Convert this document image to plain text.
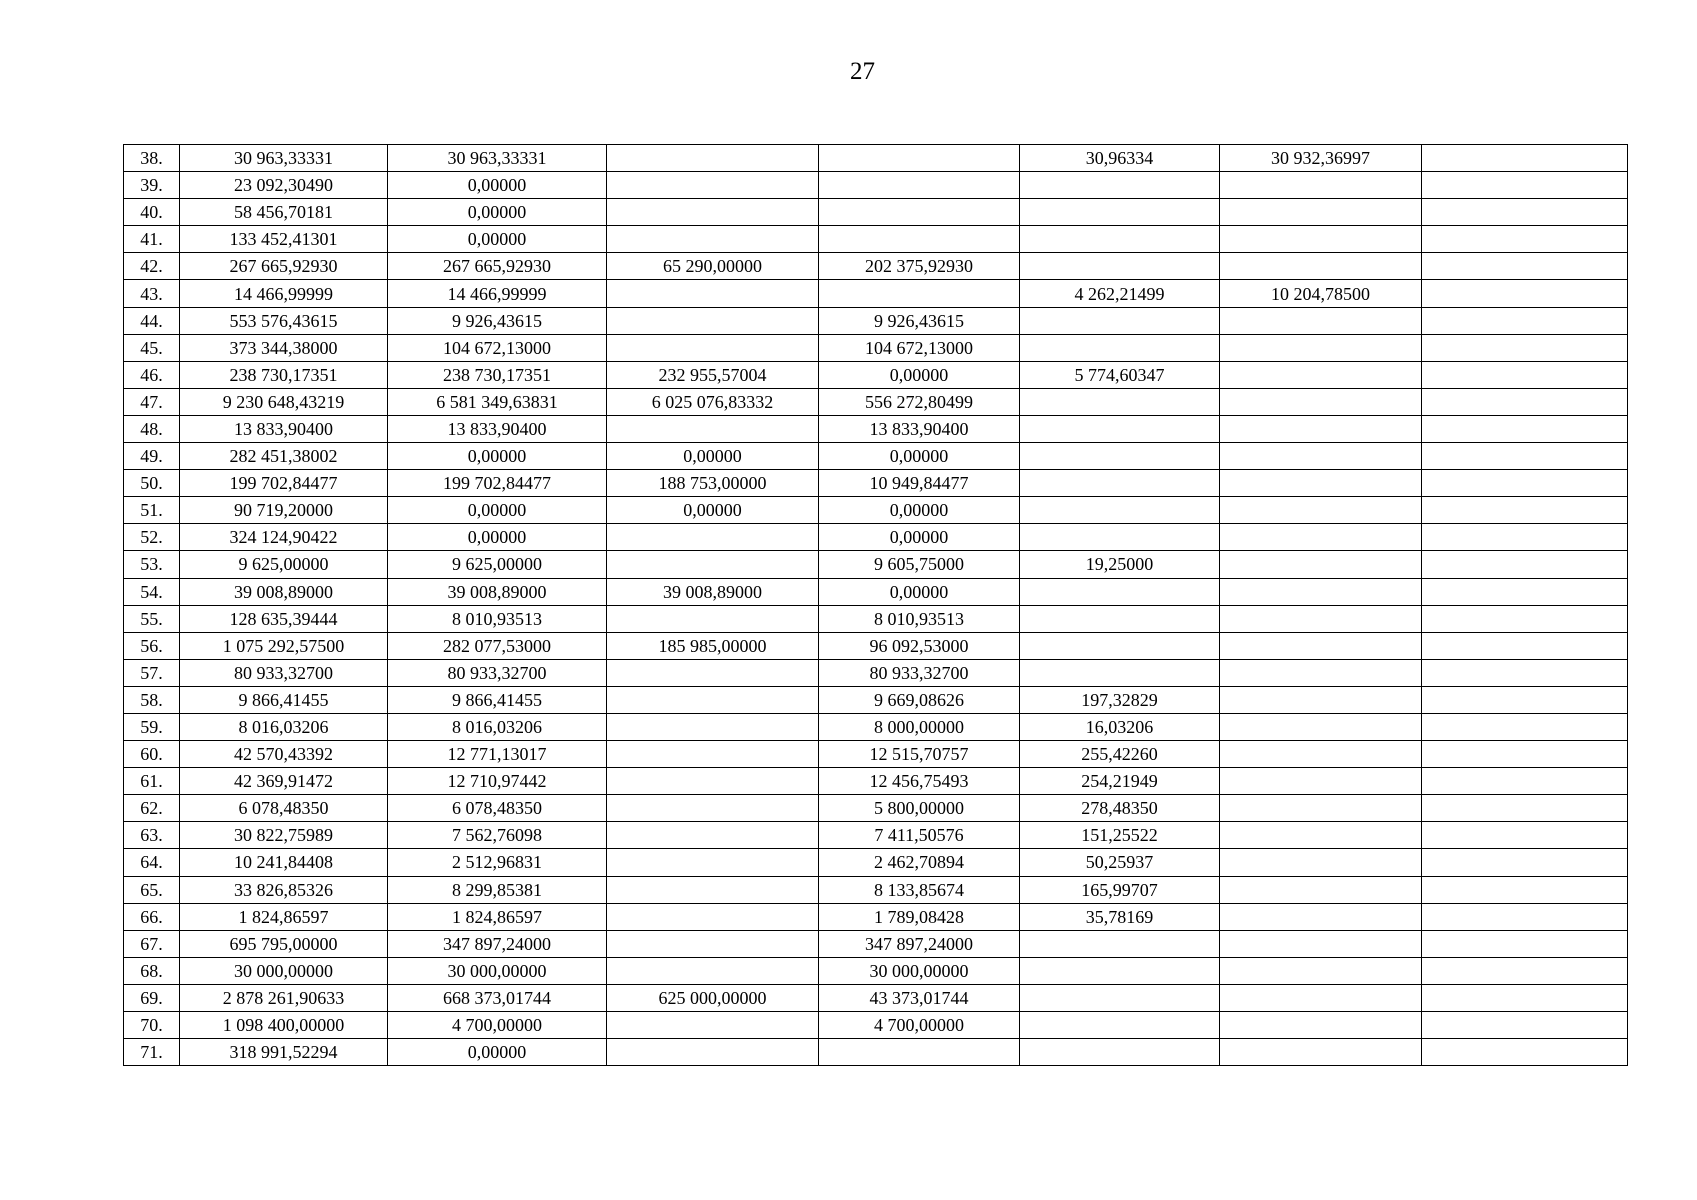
27
38.	30 963,33331	30 963,33331			30,96334	30 932,36997	
39.	23 092,30490	0,00000					
40.	58 456,70181	0,00000					
41.	133 452,41301	0,00000					
42.	267 665,92930	267 665,92930	65 290,00000	202 375,92930			
43.	14 466,99999	14 466,99999			4 262,21499	10 204,78500	
44.	553 576,43615	9 926,43615		9 926,43615			
45.	373 344,38000	104 672,13000		104 672,13000			
46.	238 730,17351	238 730,17351	232 955,57004	0,00000	5 774,60347		
47.	9 230 648,43219	6 581 349,63831	6 025 076,83332	556 272,80499			
48.	13 833,90400	13 833,90400		13 833,90400			
49.	282 451,38002	0,00000	0,00000	0,00000			
50.	199 702,84477	199 702,84477	188 753,00000	10 949,84477			
51.	90 719,20000	0,00000	0,00000	0,00000			
52.	324 124,90422	0,00000		0,00000			
53.	9 625,00000	9 625,00000		9 605,75000	19,25000		
54.	39 008,89000	39 008,89000	39 008,89000	0,00000			
55.	128 635,39444	8 010,93513		8 010,93513			
56.	1 075 292,57500	282 077,53000	185 985,00000	96 092,53000			
57.	80 933,32700	80 933,32700		80 933,32700			
58.	9 866,41455	9 866,41455		9 669,08626	197,32829		
59.	8 016,03206	8 016,03206		8 000,00000	16,03206		
60.	42 570,43392	12 771,13017		12 515,70757	255,42260		
61.	42 369,91472	12 710,97442		12 456,75493	254,21949		
62.	6 078,48350	6 078,48350		5 800,00000	278,48350		
63.	30 822,75989	7 562,76098		7 411,50576	151,25522		
64.	10 241,84408	2 512,96831		2 462,70894	50,25937		
65.	33 826,85326	8 299,85381		8 133,85674	165,99707		
66.	1 824,86597	1 824,86597		1 789,08428	35,78169		
67.	695 795,00000	347 897,24000		347 897,24000			
68.	30 000,00000	30 000,00000		30 000,00000			
69.	2 878 261,90633	668 373,01744	625 000,00000	43 373,01744			
70.	1 098 400,00000	4 700,00000		4 700,00000			
71.	318 991,52294	0,00000					
